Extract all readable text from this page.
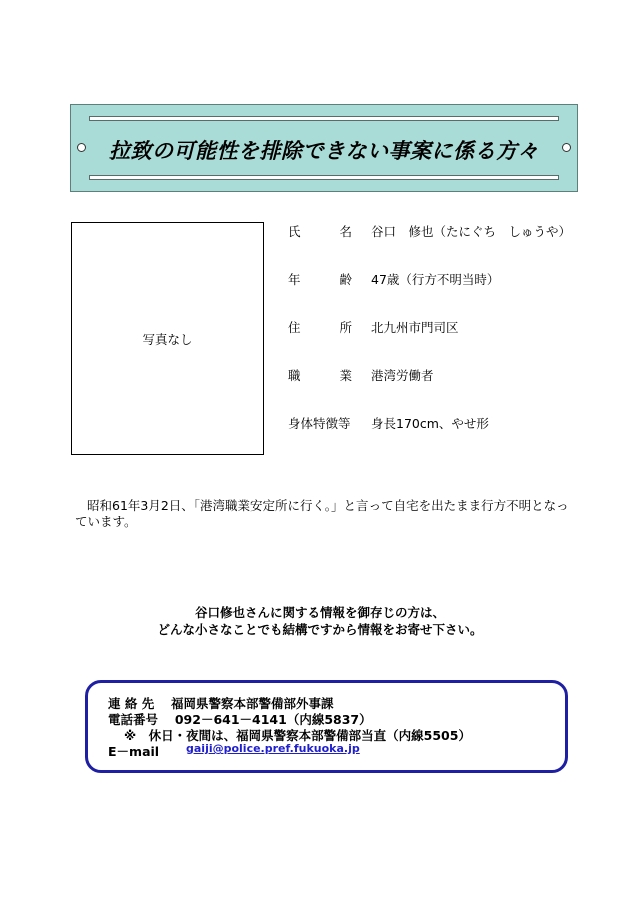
拉致の可能性を排除できない事案に係る方々
写真なし
氏	名 谷口　修也（たにぐち　しゅうや）
年	齢 47歳（行方不明当時）
住	所 北九州市門司区
職	業 港湾労働者
身体特徴等	身長170cm、やせ形
昭和61年3月2日、「港湾職業安定所に行く。」と言って自宅を出たまま行方不明となっています。
谷口修也さんに関する情報を御存じの方は、
どんな小さなことでも結構ですから情報をお寄せ下さい。
連 絡 先　 福岡県警察本部警備部外事課
電話番号　 092－641－4141（内線5837）
※　休日・夜間は、福岡県警察本部警備部当直（内線5505）
E－mail gaiji@police.pref.fukuoka.jp
